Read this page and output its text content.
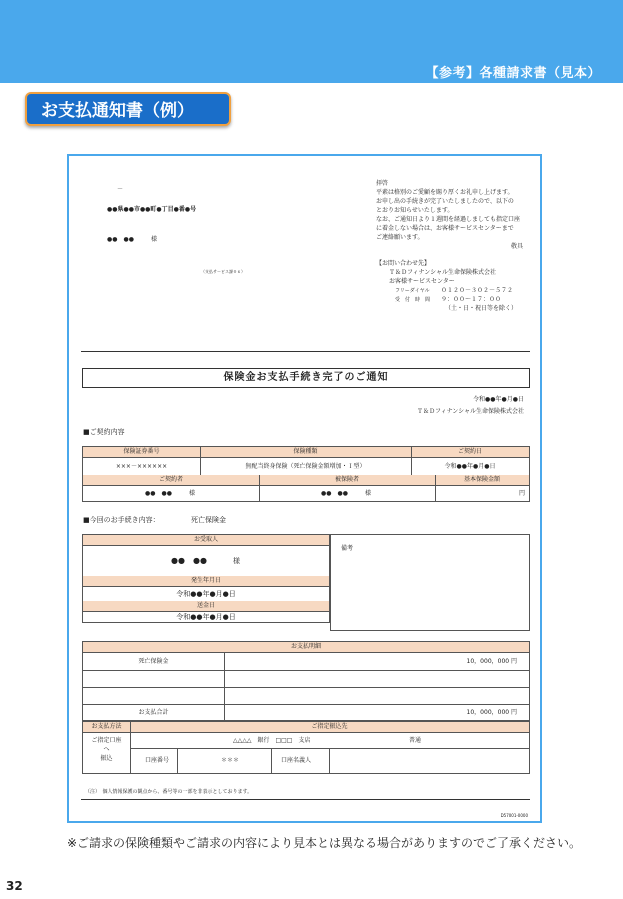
【参考】各種請求書（見本）
お支払通知書（例）
－
●●県●●市●●町●丁目●番●号
●●　●●	様
（支払サービス課０６）
拝啓
平素は格別のご愛顧を賜り厚くお礼申し上げます。
お申し出の手続きが完了いたしましたので、以下の
とおりお知らせいたします。
なお、ご通知日より１週間を経過しましても指定口座
に着金しない場合は、お客様サービスセンターまで
ご連絡願います。
敬具
【お問い合わせ先】
Ｔ＆Ｄフィナンシャル生命保険株式会社
お客様サービスセンター
フリーダイヤル ０１２０－３０２－５７２
受　付　時　間 ９：００～１７：００
（土・日・祝日等を除く）
保険金お支払手続き完了のご通知
令和●●年●月●日
Ｔ＆Ｄフィナンシャル生命保険株式会社
■ご契約内容
保険証券番号	保険種類	ご契約日
×××－××××××	無配当終身保険（死亡保険金額増加・Ｉ型）	令和●●年●月●日
ご契約者	被保険者	基本保険金額
●●　●●	様	●●　●●	様	円
■今回のお手続き内容：	死亡保険金
お受取人
●●　●●	様
発生年月日
令和●●年●月●日
送金日
令和●●年●月●日
備考
お支払明細
死亡保険金	10，000，000 円
お支払合計	10，000，000 円
お支払方法	ご指定振込先
ご指定口座
へ
振込
△△△△　銀行　□□□　支店	普通
口座番号	＊＊＊	口座名義人
（注）　個人情報保護の観点から、番号等の一部を非表示としております。
D57001-0000
※ご請求の保険種類やご請求の内容により見本とは異なる場合がありますのでご了承ください。
32
